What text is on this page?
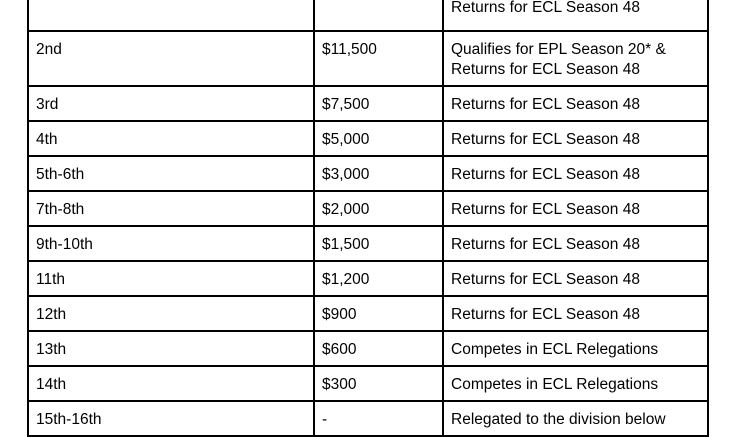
Returns for ECL Season 48
2nd	$11,500	Qualifies for EPL Season 20* &
Returns for ECL Season 48
3rd	$7,500	Returns for ECL Season 48
4th	$5,000	Returns for ECL Season 48
5th-6th	$3,000	Returns for ECL Season 48
7th-8th	$2,000	Returns for ECL Season 48
9th-10th	$1,500	Returns for ECL Season 48
11th	$1,200	Returns for ECL Season 48
12th	$900	Returns for ECL Season 48
13th	$600	Competes in ECL Relegations
14th	$300	Competes in ECL Relegations
15th-16th	-	Relegated to the division below
